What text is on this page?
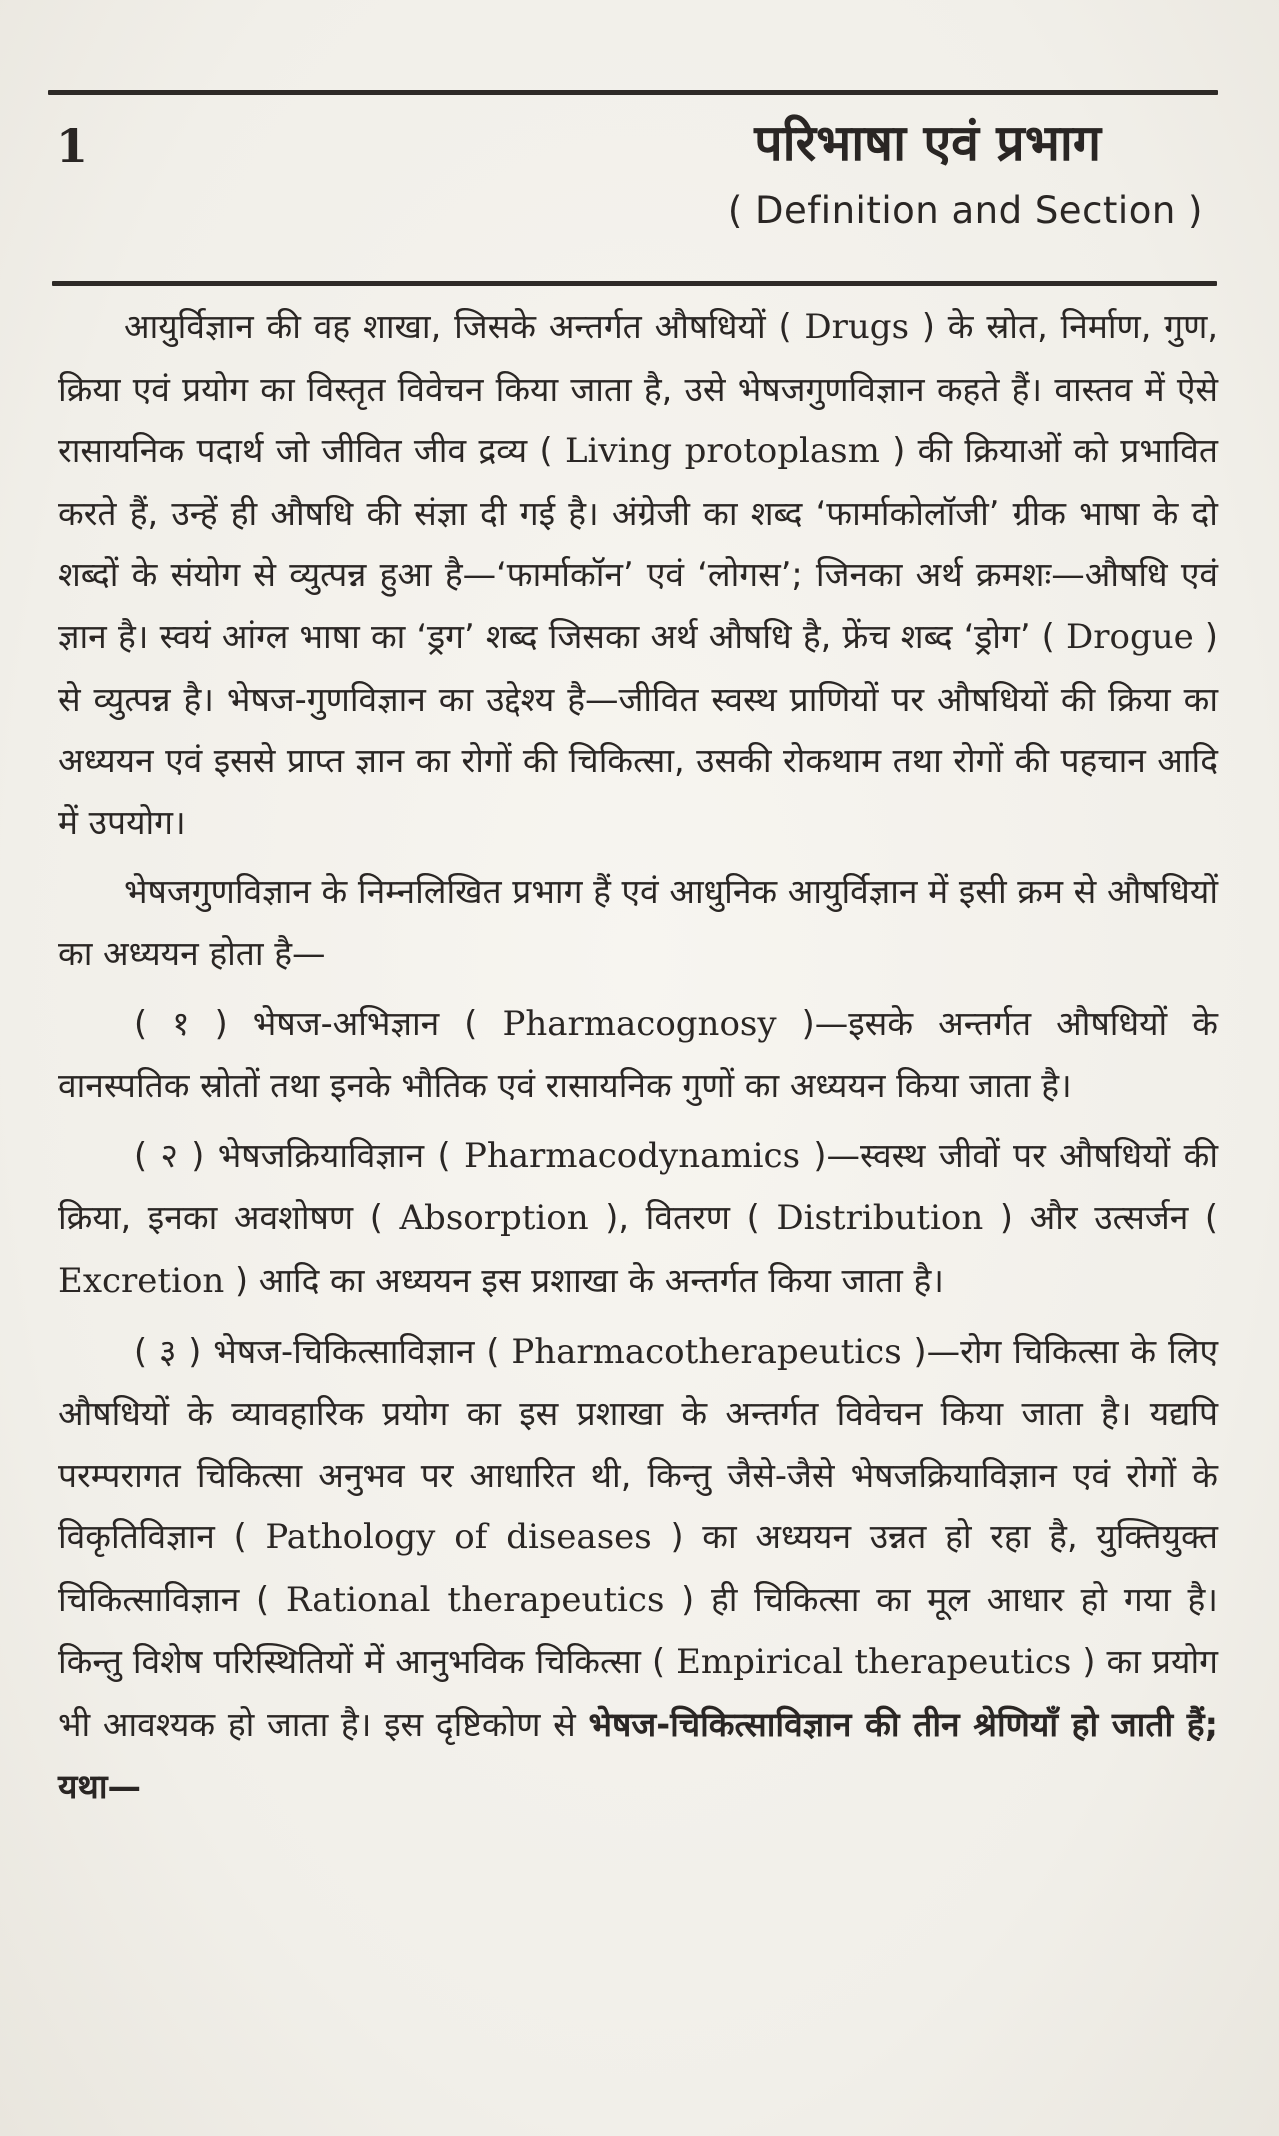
1	परिभाषा एवं प्रभाग
( Definition and Section )

आयुर्विज्ञान की वह शाखा, जिसके अन्तर्गत औषधियों ( Drugs ) के स्रोत, निर्माण, गुण, क्रिया एवं प्रयोग का विस्तृत विवेचन किया जाता है, उसे भेषजगुणविज्ञान कहते हैं। वास्तव में ऐसे रासायनिक पदार्थ जो जीवित जीव द्रव्य ( Living protoplasm ) की क्रियाओं को प्रभावित करते हैं, उन्हें ही औषधि की संज्ञा दी गई है। अंग्रेजी का शब्द ‘फार्माकोलॉजी’ ग्रीक भाषा के दो शब्दों के संयोग से व्युत्पन्न हुआ है—‘फार्माकॉन’ एवं ‘लोगस’; जिनका अर्थ क्रमशः—औषधि एवं ज्ञान है। स्वयं आंग्ल भाषा का ‘ड्रग’ शब्द जिसका अर्थ औषधि है, फ्रेंच शब्द ‘ड्रोग’ ( Drogue ) से व्युत्पन्न है। भेषज-गुणविज्ञान का उद्देश्य है—जीवित स्वस्थ प्राणियों पर औषधियों की क्रिया का अध्ययन एवं इससे प्राप्त ज्ञान का रोगों की चिकित्सा, उसकी रोकथाम तथा रोगों की पहचान आदि में उपयोग।

भेषजगुणविज्ञान के निम्नलिखित प्रभाग हैं एवं आधुनिक आयुर्विज्ञान में इसी क्रम से औषधियों का अध्ययन होता है—

( १ ) भेषज-अभिज्ञान ( Pharmacognosy )—इसके अन्तर्गत औषधियों के वानस्पतिक स्रोतों तथा इनके भौतिक एवं रासायनिक गुणों का अध्ययन किया जाता है।

( २ ) भेषजक्रियाविज्ञान ( Pharmacodynamics )—स्वस्थ जीवों पर औषधियों की क्रिया, इनका अवशोषण ( Absorption ), वितरण ( Distribution ) और उत्सर्जन ( Excretion ) आदि का अध्ययन इस प्रशाखा के अन्तर्गत किया जाता है।

( ३ ) भेषज-चिकित्साविज्ञान ( Pharmacotherapeutics )—रोग चिकित्सा के लिए औषधियों के व्यावहारिक प्रयोग का इस प्रशाखा के अन्तर्गत विवेचन किया जाता है। यद्यपि परम्परागत चिकित्सा अनुभव पर आधारित थी, किन्तु जैसे-जैसे भेषजक्रियाविज्ञान एवं रोगों के विकृतिविज्ञान ( Pathology of diseases ) का अध्ययन उन्नत हो रहा है, युक्तियुक्त चिकित्साविज्ञान ( Rational therapeutics ) ही चिकित्सा का मूल आधार हो गया है। किन्तु विशेष परिस्थितियों में आनुभविक चिकित्सा ( Empirical therapeutics ) का प्रयोग भी आवश्यक हो जाता है। इस दृष्टिकोण से भेषज-चिकित्साविज्ञान की तीन श्रेणियाँ हो जाती हैं; यथा—
